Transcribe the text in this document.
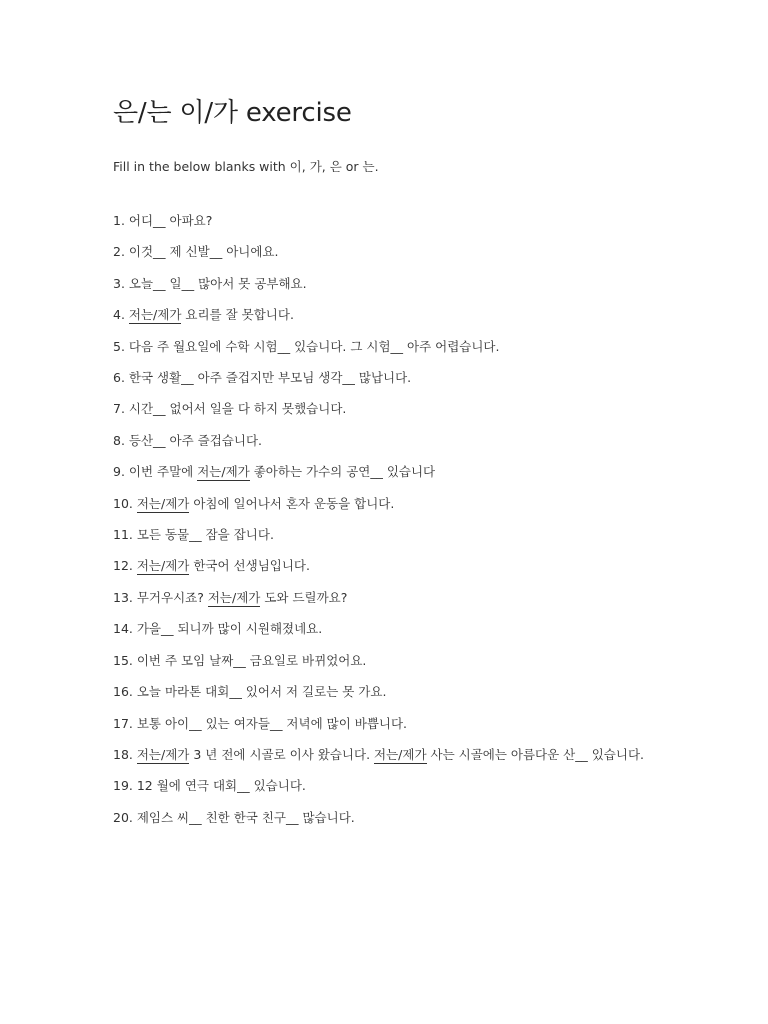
은/는 이/가 exercise

Fill in the below blanks with 이, 가, 은 or 는.

1. 어디__ 아파요?
2. 이것__ 제 신발__ 아니에요.
3. 오늘__ 일__ 많아서 못 공부해요.
4. 저는/제가 요리를 잘 못합니다.
5. 다음 주 월요일에 수학 시험__ 있습니다. 그 시험__ 아주 어렵습니다.
6. 한국 생활__ 아주 즐겁지만 부모님 생각__ 많납니다.
7. 시간__ 없어서 일을 다 하지 못했습니다.
8. 등산__ 아주 즐겁습니다.
9. 이번 주말에 저는/제가 좋아하는 가수의 공연__ 있습니다
10. 저는/제가 아침에 일어나서 혼자 운동을 합니다.
11. 모든 동물__ 잠을 잡니다.
12. 저는/제가 한국어 선생님입니다.
13. 무거우시죠? 저는/제가 도와 드릴까요?
14. 가을__ 되니까 많이 시원해졌네요.
15. 이번 주 모임 날짜__ 금요일로 바뀌었어요.
16. 오늘 마라톤 대회__ 있어서 저 길로는 못 가요.
17. 보통 아이__ 있는 여자들__ 저녁에 많이 바쁩니다.
18. 저는/제가 3 년 전에 시골로 이사 왔습니다. 저는/제가 사는 시골에는 아름다운 산__ 있습니다.
19. 12 월에 연극 대회__ 있습니다.
20. 제임스 씨__ 친한 한국 친구__ 많습니다.
